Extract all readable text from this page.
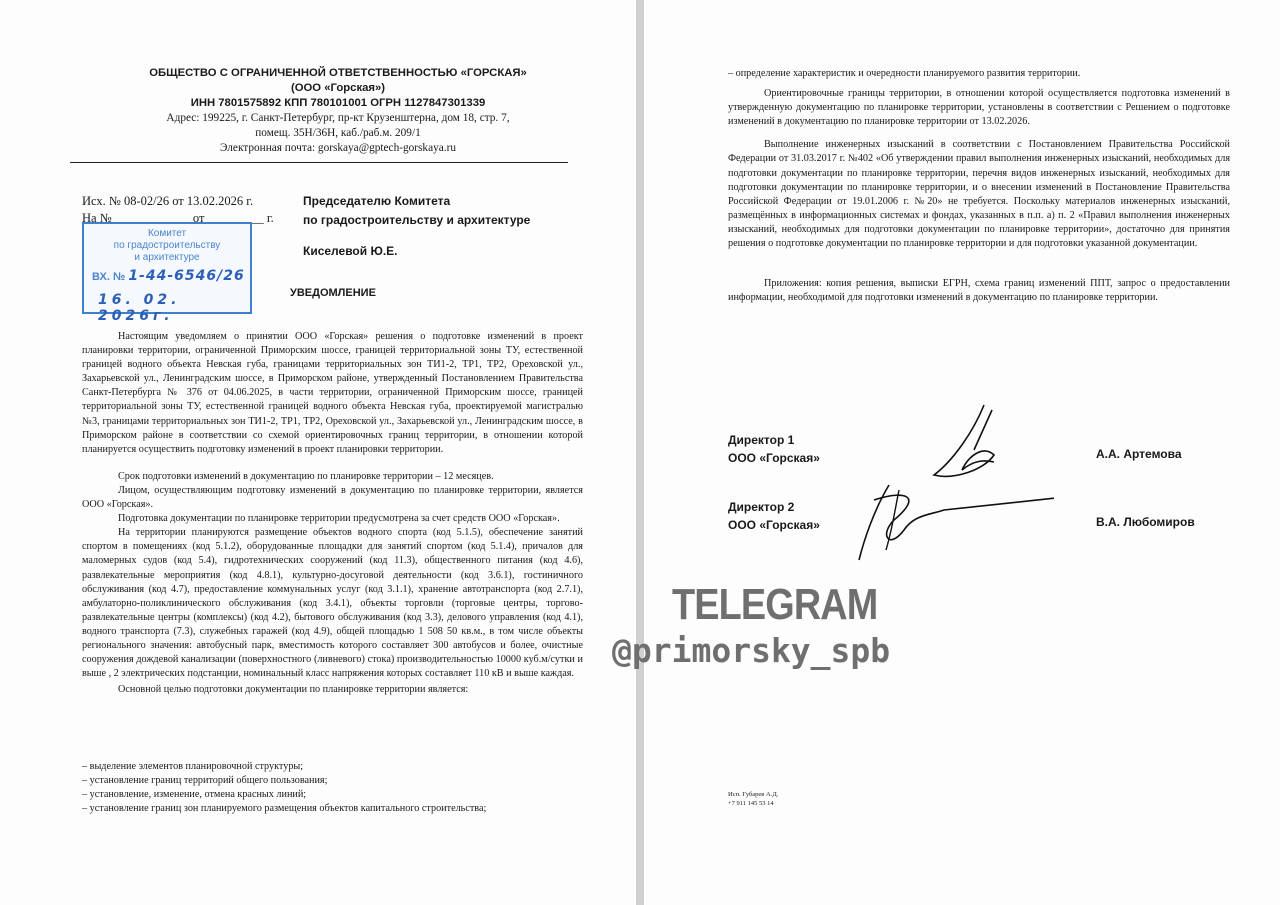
ОБЩЕСТВО С ОГРАНИЧЕННОЙ ОТВЕТСТВЕННОСТЬЮ «ГОРСКАЯ»
(ООО «Горская»)
ИНН 7801575892 КПП 780101001 ОГРН 1127847301339
Адрес: 199225, г. Санкт-Петербург, пр-кт Крузенштерна, дом 18, стр. 7,
помещ. 35Н/36Н, каб./раб.м. 209/1
Электронная почта: gorskaya@gptech-gorskaya.ru
Исх. № 08-02/26 от 13.02.2026 г.
На № ____________ от _________ г.
Комитет
по градостроительству
и архитектуре
ВХ. № 1-44-6546/26
16. 02. 2026г.
Председателю Комитета
по градостроительству и архитектуре
Киселевой Ю.Е.
УВЕДОМЛЕНИЕ

Настоящим уведомляем о принятии ООО «Горская» решения о подготовке изменений в проект планировки территории, ограниченной Приморским шоссе, границей территориальной зоны ТУ, естественной границей водного объекта Невская губа, границами территориальных зон ТИ1-2, ТР1, ТР2, Ореховской ул., Захарьевской ул., Ленинградским шоссе, в Приморском районе, утвержденный Постановлением Правительства Санкт-Петербурга № 376 от 04.06.2025, в части территории, ограниченной Приморским шоссе, границей территориальной зоны ТУ, естественной границей водного объекта Невская губа, проектируемой магистралью №3, границами территориальных зон ТИ1-2, ТР1, ТР2, Ореховской ул., Захарьевской ул., Ленинградским шоссе, в Приморском районе в соответствии со схемой ориентировочных границ территории, в отношении которой планируется осуществить подготовку изменений в проект планировки территории.

Срок подготовки изменений в документацию по планировке территории – 12 месяцев.

Лицом, осуществляющим подготовку изменений в документацию по планировке территории, является ООО «Горская».

Подготовка документации по планировке территории предусмотрена за счет средств ООО «Горская».

На территории планируются размещение объектов водного спорта (код 5.1.5), обеспечение занятий спортом в помещениях (код 5.1.2), оборудованные площадки для занятий спортом (код 5.1.4), причалов для маломерных судов (код 5.4), гидротехнических сооружений (код 11.3), общественного питания (код 4.6), развлекательные мероприятия (код 4.8.1), культурно-досуговой деятельности (код 3.6.1), гостиничного обслуживания (код 4.7), предоставление коммунальных услуг (код 3.1.1), хранение автотранспорта (код 2.7.1), амбулаторно-поликлинического обслуживания (код 3.4.1), объекты торговли (торговые центры, торгово-развлекательные центры (комплексы) (код 4.2), бытового обслуживания (код 3.3), делового управления (код 4.1), водного транспорта (7.3), служебных гаражей (код 4.9), общей площадью 1 508 50 кв.м., в том числе объекты регионального значения: автобусный парк, вместимость которого составляет 300 автобусов и более, очистные сооружения дождевой канализации (поверхностного (ливневого) стока) производительностью 10000 куб.м/сутки и выше , 2 электрических подстанции, номинальный класс напряжения которых составляет 110 кВ и выше каждая.

Основной целью подготовки документации по планировке территории является:

– выделение элементов планировочной структуры;
– установление границ территорий общего пользования;
– установление, изменение, отмена красных линий;
– установление границ зон планируемого размещения объектов капитального строительства;

– определение характеристик и очередности планируемого развития территории.

Ориентировочные границы территории, в отношении которой осуществляется подготовка изменений в утвержденную документацию по планировке территории, установлены в соответствии с Решением о подготовке изменений в документацию по планировке территории от 13.02.2026.

Выполнение инженерных изысканий в соответствии с Постановлением Правительства Российской Федерации от 31.03.2017 г. №402 «Об утверждении правил выполнения инженерных изысканий, необходимых для подготовки документации по планировке территории, перечня видов инженерных изысканий, необходимых для подготовки документации по планировке территории, и о внесении изменений в Постановление Правительства Российской Федерации от 19.01.2006 г. №20» не требуется. Поскольку материалов инженерных изысканий, размещённых в информационных системах и фондах, указанных в п.п. а) п. 2 «Правил выполнения инженерных изысканий, необходимых для подготовки документации по планировке территории», достаточно для принятия решения о подготовке документации по планировке территории и для подготовки указанной документации.

Приложения: копия решения, выписки ЕГРН, схема границ изменений ППТ, запрос о предоставлении информации, необходимой для подготовки изменений в документацию по планировке территории.

Директор 1
ООО «Горская»	А.А. Артемова
Директор 2
ООО «Горская»	В.А. Любомиров
Исп. Губарев А.Д.
+7 911 145 53 14
TELEGRAM
@primorsky_spb
